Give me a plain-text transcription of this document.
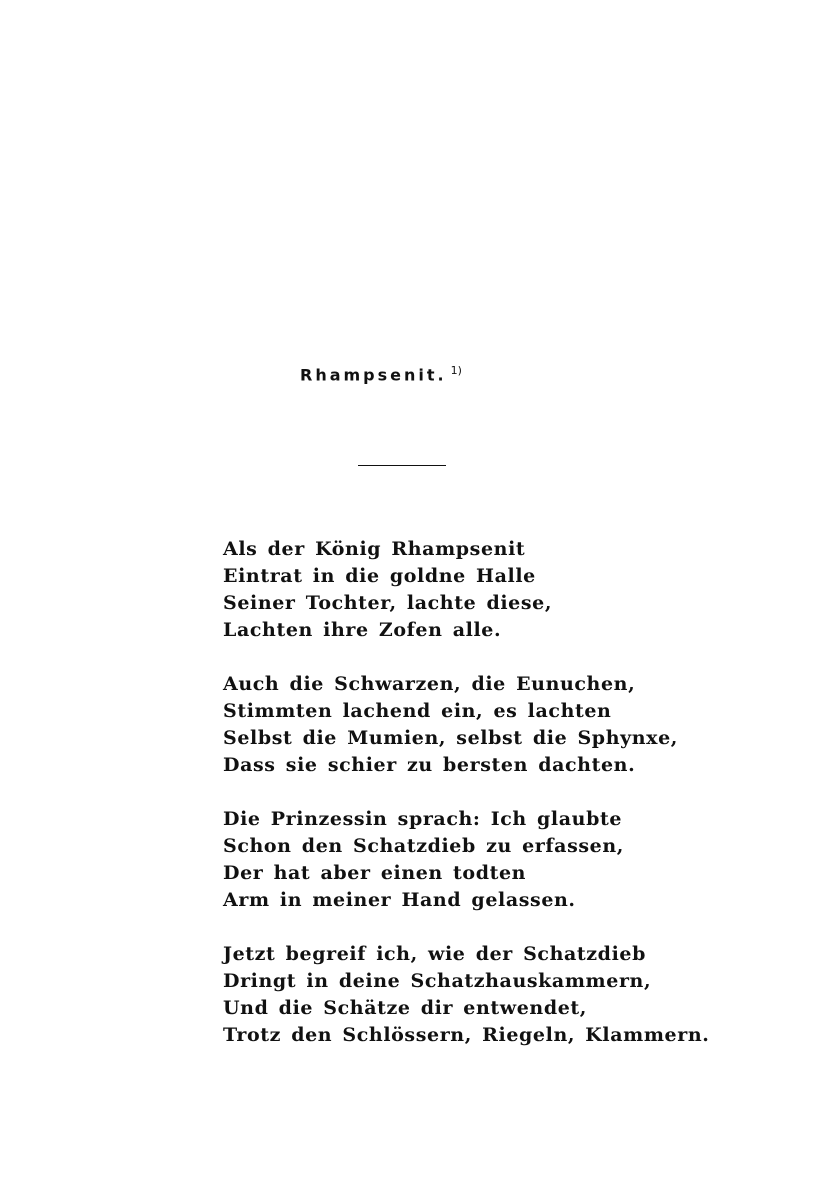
Rhampsenit. $^{1)}$
Als der König Rhampsenit
Eintrat in die goldne Halle
Seiner Tochter, lachte diese,
Lachten ihre Zofen alle.
Auch die Schwarzen, die Eunuchen,
Stimmten lachend ein, es lachten
Selbst die Mumien, selbst die Sphynxe,
Dass sie schier zu bersten dachten.
Die Prinzessin sprach: Ich glaubte
Schon den Schatzdieb zu erfassen,
Der hat aber einen todten
Arm in meiner Hand gelassen.
Jetzt begreif ich, wie der Schatzdieb
Dringt in deine Schatzhauskammern,
Und die Schätze dir entwendet,
Trotz den Schlössern, Riegeln, Klammern.
